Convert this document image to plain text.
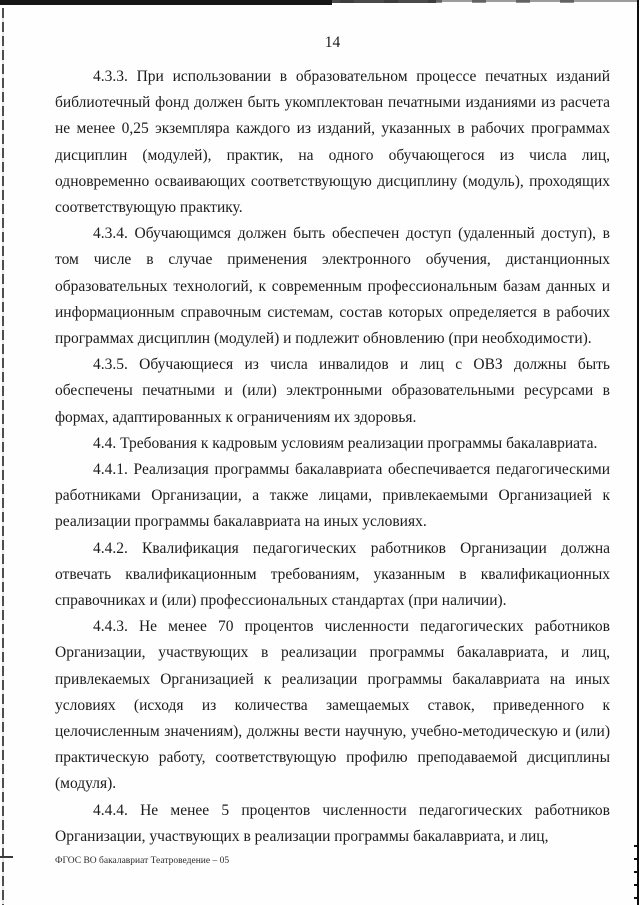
14

4.3.3. При использовании в образовательном процессе печатных изданий библиотечный фонд должен быть укомплектован печатными изданиями из расчета не менее 0,25 экземпляра каждого из изданий, указанных в рабочих программах дисциплин (модулей), практик, на одного обучающегося из числа лиц, одновременно осваивающих соответствующую дисциплину (модуль), проходящих соответствующую практику.

4.3.4. Обучающимся должен быть обеспечен доступ (удаленный доступ), в том числе в случае применения электронного обучения, дистанционных образовательных технологий, к современным профессиональным базам данных и информационным справочным системам, состав которых определяется в рабочих программах дисциплин (модулей) и подлежит обновлению (при необходимости).

4.3.5. Обучающиеся из числа инвалидов и лиц с ОВЗ должны быть обеспечены печатными и (или) электронными образовательными ресурсами в формах, адаптированных к ограничениям их здоровья.

4.4. Требования к кадровым условиям реализации программы бакалавриата.

4.4.1. Реализация программы бакалавриата обеспечивается педагогическими работниками Организации, а также лицами, привлекаемыми Организацией к реализации программы бакалавриата на иных условиях.

4.4.2. Квалификация педагогических работников Организации должна отвечать квалификационным требованиям, указанным в квалификационных справочниках и (или) профессиональных стандартах (при наличии).

4.4.3. Не менее 70 процентов численности педагогических работников Организации, участвующих в реализации программы бакалавриата, и лиц, привлекаемых Организацией к реализации программы бакалавриата на иных условиях (исходя из количества замещаемых ставок, приведенного к целочисленным значениям), должны вести научную, учебно-методическую и (или) практическую работу, соответствующую профилю преподаваемой дисциплины (модуля).

4.4.4. Не менее 5 процентов численности педагогических работников Организации, участвующих в реализации программы бакалавриата, и лиц,

ФГОС ВО бакалавриат Театроведение – 05
